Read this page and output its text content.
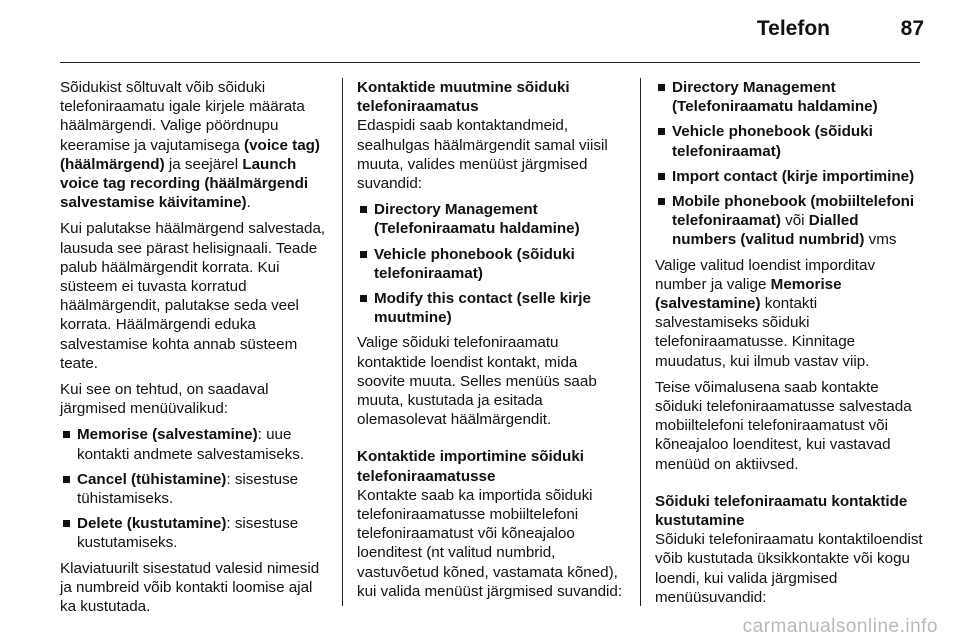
Telefon	87

Sõidukist sõltuvalt võib sõiduki telefoniraamatu igale kirjele määrata häälmärgendi. Valige pöördnupu keeramise ja vajutamisega (voice tag) (häälmärgend) ja seejärel Launch voice tag recording (häälmärgendi salvestamise käivitamine).

Kui palutakse häälmärgend salvestada, lausuda see pärast helisignaali. Teade palub häälmärgendit korrata. Kui süsteem ei tuvasta korratud häälmärgendit, palutakse seda veel korrata. Häälmärgendi eduka salvestamise kohta annab süsteem teate.

Kui see on tehtud, on saadaval järgmised menüüvalikud:

Memorise (salvestamine): uue kontakti andmete salvestamiseks.
Cancel (tühistamine): sisestuse tühistamiseks.
Delete (kustutamine): sisestuse kustutamiseks.

Klaviatuurilt sisestatud valesid nimesid ja numbreid võib kontakti loomise ajal ka kustutada.

Kontaktide muutmine sõiduki telefoniraamatus

Edaspidi saab kontaktandmeid, sealhulgas häälmärgendit samal viisil muuta, valides menüüst järgmised suvandid:

Directory Management (Telefoniraamatu haldamine)
Vehicle phonebook (sõiduki telefoniraamat)
Modify this contact (selle kirje muutmine)

Valige sõiduki telefoniraamatu kontaktide loendist kontakt, mida soovite muuta. Selles menüüs saab muuta, kustutada ja esitada olemasolevat häälmärgendit.

Kontaktide importimine sõiduki telefoniraamatusse

Kontakte saab ka importida sõiduki telefoniraamatusse mobiiltelefoni telefoniraamatust või kõneajaloo loenditest (nt valitud numbrid, vastuvõetud kõned, vastamata kõned), kui valida menüüst järgmised suvandid:

Directory Management (Telefoniraamatu haldamine)
Vehicle phonebook (sõiduki telefoniraamat)
Import contact (kirje importimine)
Mobile phonebook (mobiiltelefoni telefoniraamat) või Dialled numbers (valitud numbrid) vms

Valige valitud loendist imporditav number ja valige Memorise (salvestamine) kontakti salvestamiseks sõiduki telefoniraamatusse. Kinnitage muudatus, kui ilmub vastav viip.

Teise võimalusena saab kontakte sõiduki telefoniraamatusse salvestada mobiiltelefoni telefoniraamatust või kõneajaloo loenditest, kui vastavad menüüd on aktiivsed.

Sõiduki telefoniraamatu kontaktide kustutamine

Sõiduki telefoniraamatu kontaktiloendist võib kustutada üksikkontakte või kogu loendi, kui valida järgmised menüüsuvandid:

carmanualsonline.info
